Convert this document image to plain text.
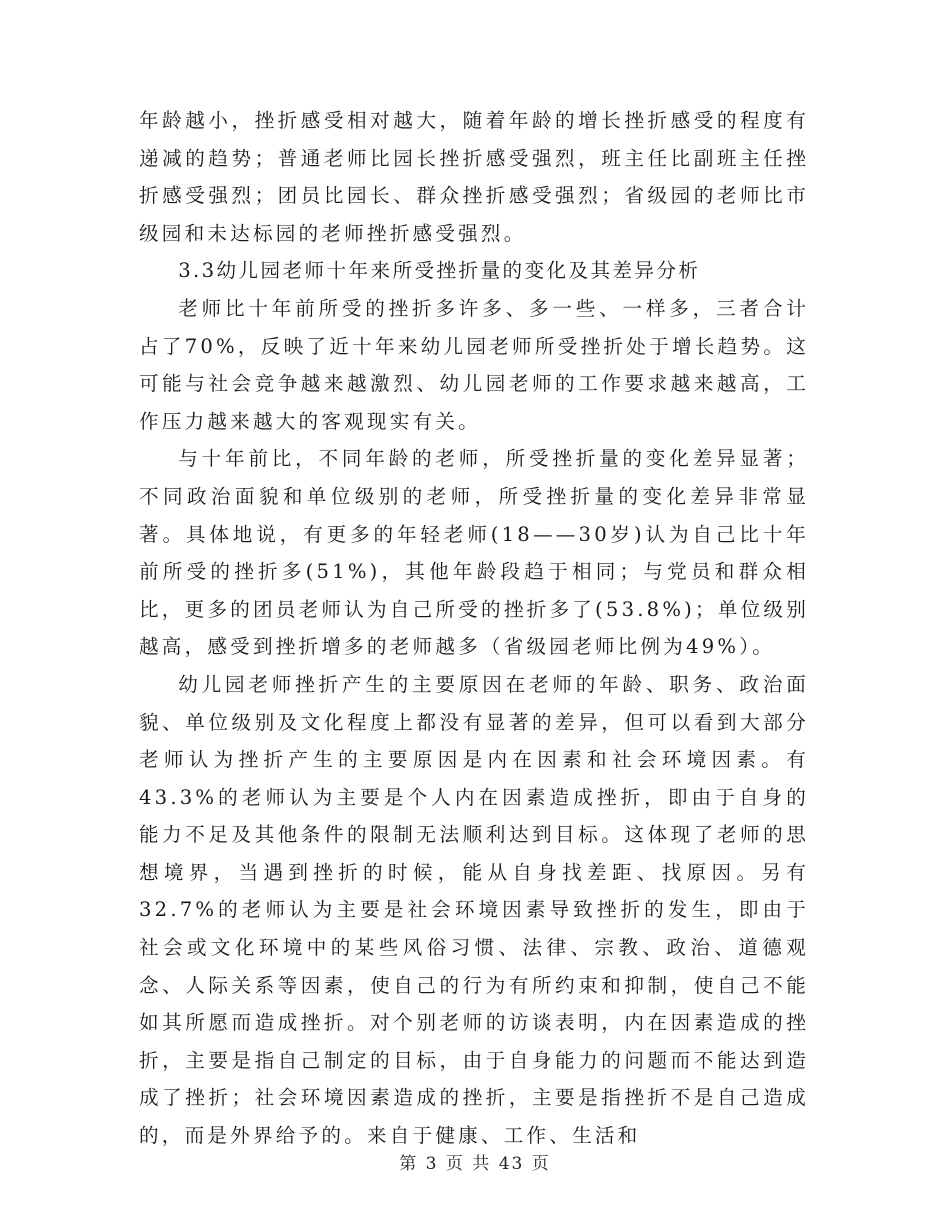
年龄越小，挫折感受相对越大，随着年龄的增长挫折感受的程度有递减的趋势；普通老师比园长挫折感受强烈，班主任比副班主任挫折感受强烈；团员比园长、群众挫折感受强烈；省级园的老师比市级园和未达标园的老师挫折感受强烈。

3.3幼儿园老师十年来所受挫折量的变化及其差异分析

老师比十年前所受的挫折多许多、多一些、一样多，三者合计占了70%，反映了近十年来幼儿园老师所受挫折处于增长趋势。这可能与社会竞争越来越激烈、幼儿园老师的工作要求越来越高，工作压力越来越大的客观现实有关。

与十年前比，不同年龄的老师，所受挫折量的变化差异显著；不同政治面貌和单位级别的老师，所受挫折量的变化差异非常显著。具体地说，有更多的年轻老师(18——30岁)认为自己比十年前所受的挫折多(51%)，其他年龄段趋于相同；与党员和群众相比，更多的团员老师认为自己所受的挫折多了(53.8%)；单位级别越高，感受到挫折增多的老师越多（省级园老师比例为49%）。

幼儿园老师挫折产生的主要原因在老师的年龄、职务、政治面貌、单位级别及文化程度上都没有显著的差异，但可以看到大部分老师认为挫折产生的主要原因是内在因素和社会环境因素。有43.3%的老师认为主要是个人内在因素造成挫折，即由于自身的能力不足及其他条件的限制无法顺利达到目标。这体现了老师的思想境界，当遇到挫折的时候，能从自身找差距、找原因。另有32.7%的老师认为主要是社会环境因素导致挫折的发生，即由于社会或文化环境中的某些风俗习惯、法律、宗教、政治、道德观念、人际关系等因素，使自己的行为有所约束和抑制，使自己不能如其所愿而造成挫折。对个别老师的访谈表明，内在因素造成的挫折，主要是指自己制定的目标，由于自身能力的问题而不能达到造成了挫折；社会环境因素造成的挫折，主要是指挫折不是自己造成的，而是外界给予的。来自于健康、工作、生活和

第 3 页 共 43 页
